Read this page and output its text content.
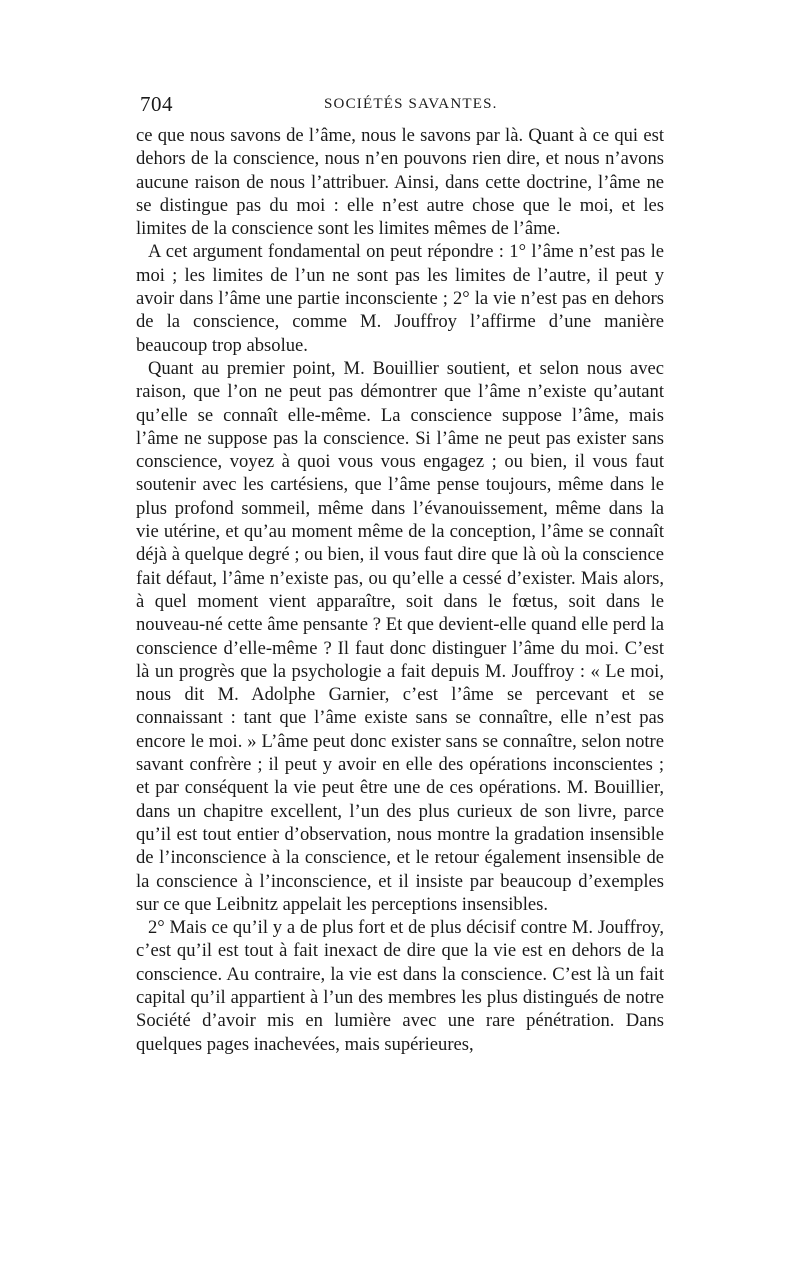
704	SOCIÉTÉS SAVANTES.

ce que nous savons de l’âme, nous le savons par là. Quant à ce qui est dehors de la conscience, nous n’en pouvons rien dire, et nous n’avons aucune raison de nous l’attribuer. Ainsi, dans cette doctrine, l’âme ne se distingue pas du moi : elle n’est autre chose que le moi, et les limites de la conscience sont les limites mêmes de l’âme.

A cet argument fondamental on peut répondre : 1° l’âme n’est pas le moi ; les limites de l’un ne sont pas les limites de l’autre, il peut y avoir dans l’âme une partie inconsciente ; 2° la vie n’est pas en dehors de la conscience, comme M. Jouffroy l’affirme d’une manière beaucoup trop absolue.

Quant au premier point, M. Bouillier soutient, et selon nous avec raison, que l’on ne peut pas démontrer que l’âme n’existe qu’autant qu’elle se connaît elle-même. La conscience suppose l’âme, mais l’âme ne suppose pas la conscience. Si l’âme ne peut pas exister sans conscience, voyez à quoi vous vous engagez ; ou bien, il vous faut soutenir avec les cartésiens, que l’âme pense toujours, même dans le plus profond sommeil, même dans l’évanouissement, même dans la vie utérine, et qu’au moment même de la conception, l’âme se connaît déjà à quelque degré ; ou bien, il vous faut dire que là où la conscience fait défaut, l’âme n’existe pas, ou qu’elle a cessé d’exister. Mais alors, à quel moment vient apparaître, soit dans le fœtus, soit dans le nouveau-né cette âme pensante ? Et que devient-elle quand elle perd la conscience d’elle-même ? Il faut donc distinguer l’âme du moi. C’est là un progrès que la psychologie a fait depuis M. Jouffroy : « Le moi, nous dit M. Adolphe Garnier, c’est l’âme se percevant et se connaissant : tant que l’âme existe sans se connaître, elle n’est pas encore le moi. » L’âme peut donc exister sans se connaître, selon notre savant confrère ; il peut y avoir en elle des opérations inconscientes ; et par conséquent la vie peut être une de ces opérations. M. Bouillier, dans un chapitre excellent, l’un des plus curieux de son livre, parce qu’il est tout entier d’observation, nous montre la gradation insensible de l’inconscience à la conscience, et le retour également insensible de la conscience à l’inconscience, et il insiste par beaucoup d’exemples sur ce que Leibnitz appelait les perceptions insensibles.

2° Mais ce qu’il y a de plus fort et de plus décisif contre M. Jouffroy, c’est qu’il est tout à fait inexact de dire que la vie est en dehors de la conscience. Au contraire, la vie est dans la conscience. C’est là un fait capital qu’il appartient à l’un des membres les plus distingués de notre Société d’avoir mis en lumière avec une rare pénétration. Dans quelques pages inachevées, mais supérieures,
